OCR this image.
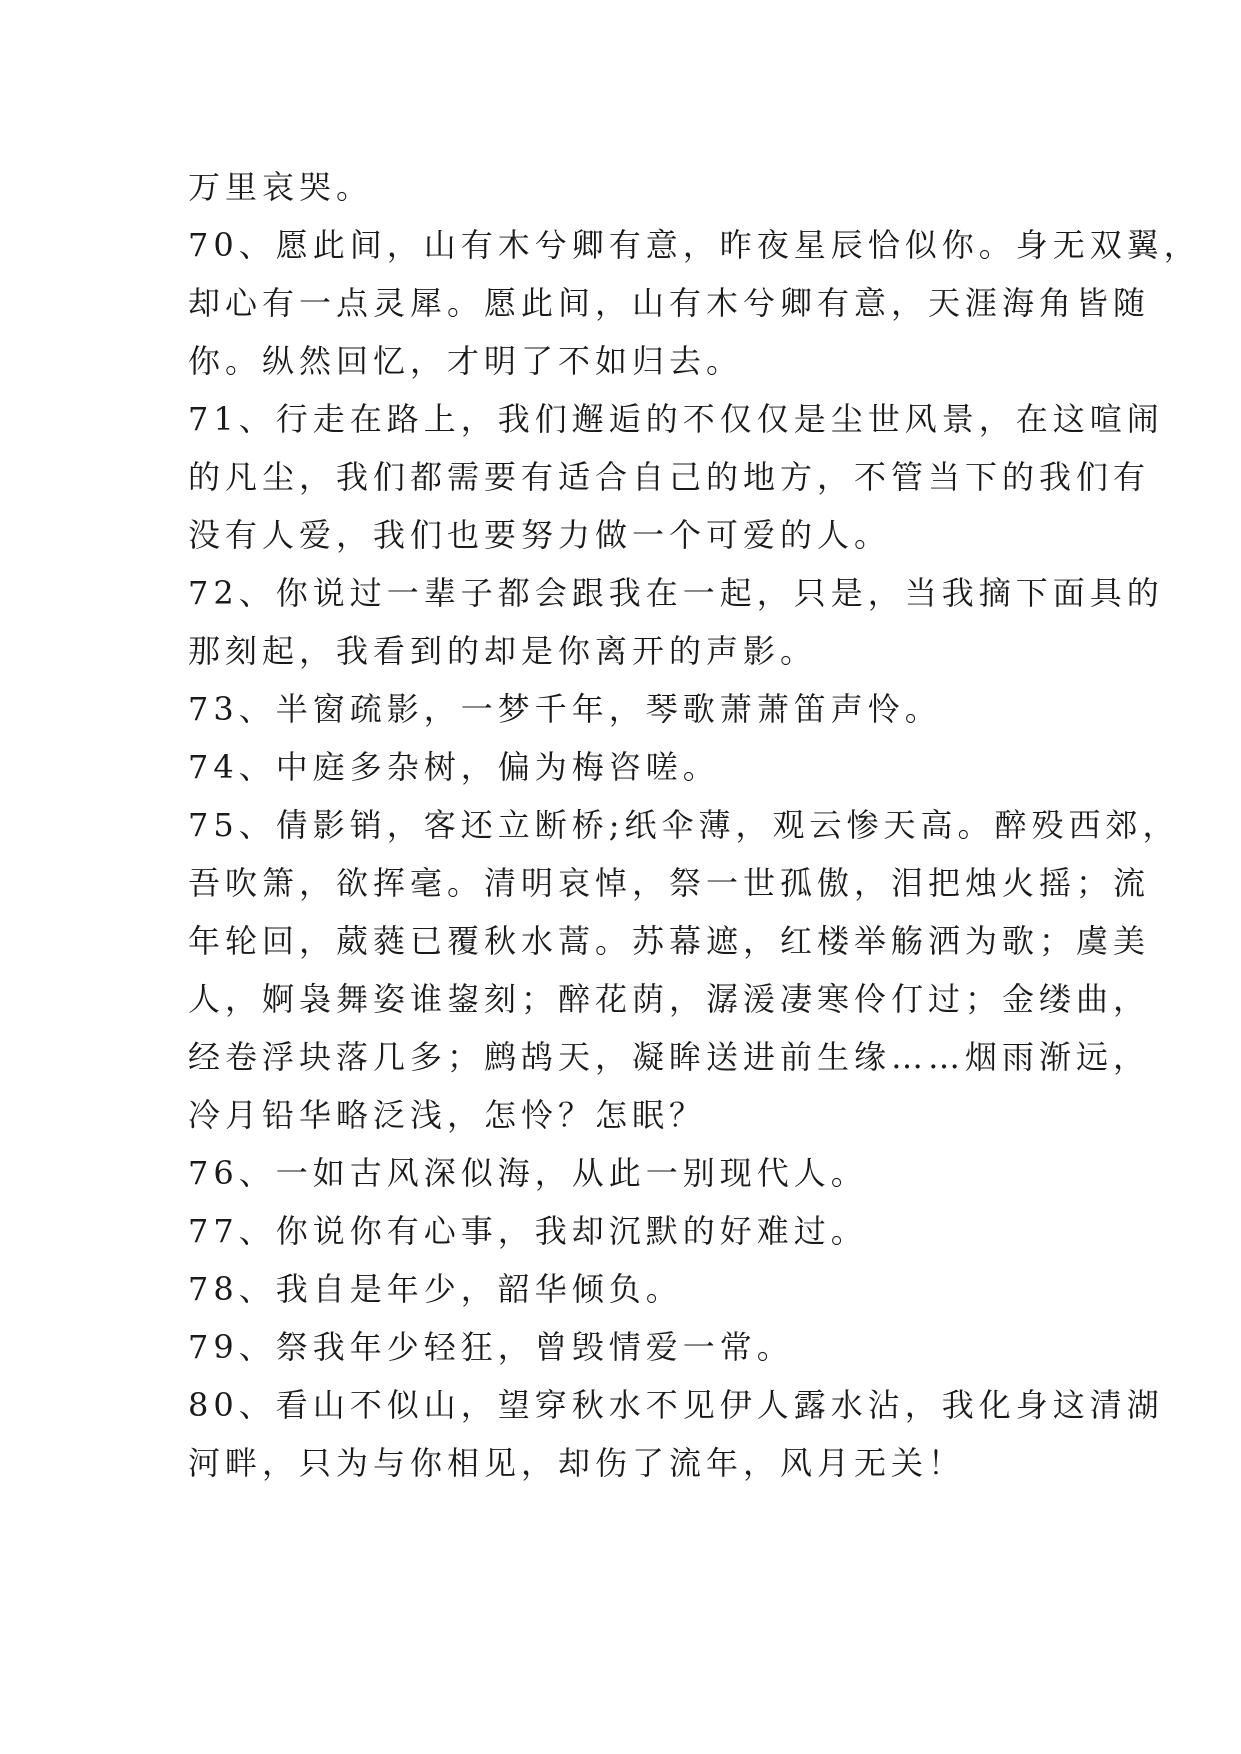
万里哀哭。
70、愿此间，山有木兮卿有意，昨夜星辰恰似你。身无双翼，
却心有一点灵犀。愿此间，山有木兮卿有意，天涯海角皆随
你。纵然回忆，才明了不如归去。
71、行走在路上，我们邂逅的不仅仅是尘世风景，在这喧闹
的凡尘，我们都需要有适合自己的地方，不管当下的我们有
没有人爱，我们也要努力做一个可爱的人。
72、你说过一辈子都会跟我在一起，只是，当我摘下面具的
那刻起，我看到的却是你离开的声影。
73、半窗疏影，一梦千年，琴歌萧萧笛声怜。
74、中庭多杂树，偏为梅咨嗟。
75、倩影销，客还立断桥;纸伞薄，观云惨天高。醉殁西郊，
吾吹箫，欲挥毫。清明哀悼，祭一世孤傲，泪把烛火摇；流
年轮回，葳蕤已覆秋水蒿。苏幕遮，红楼举觞洒为歌；虞美
人，婀袅舞姿谁鋆刻；醉花荫，潺湲凄寒伶仃过；金缕曲，
经卷浮块落几多；鹧鸪天，凝眸送进前生缘……烟雨渐远，
冷月铅华略泛浅，怎怜？怎眠？
76、一如古风深似海，从此一别现代人。
77、你说你有心事，我却沉默的好难过。
78、我自是年少，韶华倾负。
79、祭我年少轻狂，曾毁情爱一常。
80、看山不似山，望穿秋水不见伊人露水沾，我化身这清湖
河畔，只为与你相见，却伤了流年，风月无关！
